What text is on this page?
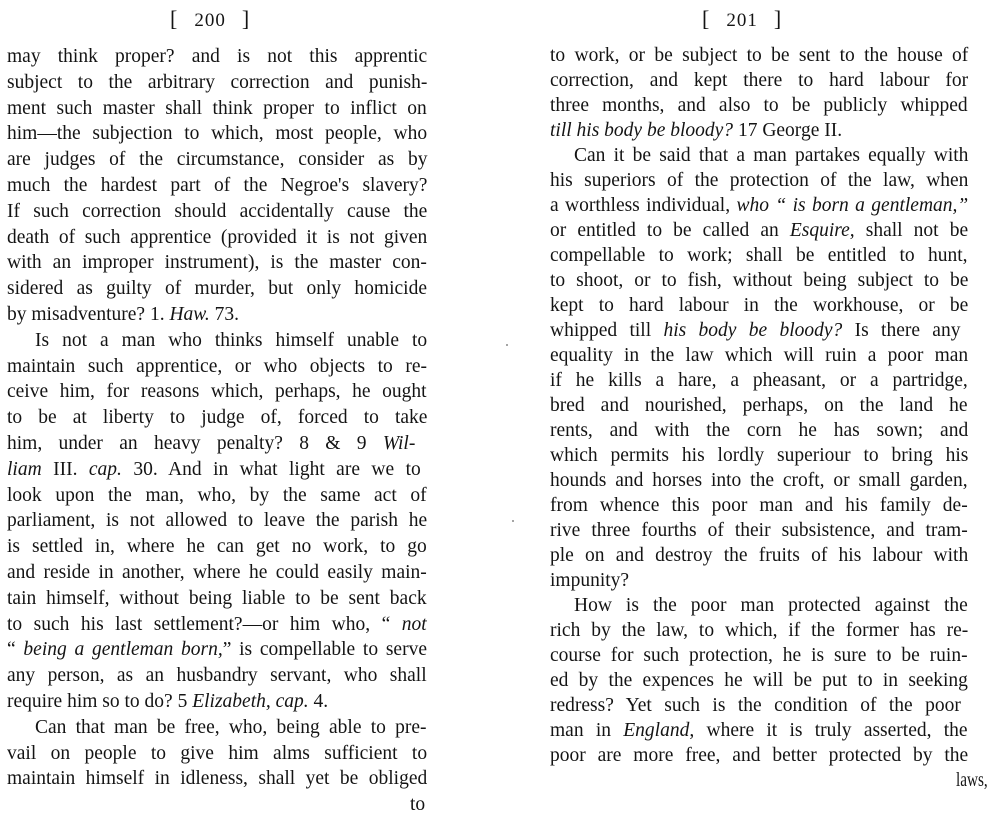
[ 200 ]
may think proper? and is not this apprentic
subject to the arbitrary correction and punish-
ment such master shall think proper to inflict on
him—the subjection to which, most people, who
are judges of the circumstance, consider as by
much the hardest part of the Negroe's slavery?
If such correction should accidentally cause the
death of such apprentice (provided it is not given
with an improper instrument), is the master con-
sidered as guilty of murder, but only homicide
by misadventure? 1. Haw. 73.
Is not a man who thinks himself unable to
maintain such apprentice, or who objects to re-
ceive him, for reasons which, perhaps, he ought
to be at liberty to judge of, forced to take
him, under an heavy penalty? 8 & 9 Wil-
liam III. cap. 30. And in what light are we to
look upon the man, who, by the same act of
parliament, is not allowed to leave the parish he
is settled in, where he can get no work, to go
and reside in another, where he could easily main-
tain himself, without being liable to be sent back
to such his last settlement?—or him who, “ not
“ being a gentleman born,” is compellable to serve
any person, as an husbandry servant, who shall
require him so to do? 5 Elizabeth, cap. 4.
Can that man be free, who, being able to pre-
vail on people to give him alms sufficient to
maintain himself in idleness, shall yet be obliged
to
[ 201 ]
to work, or be subject to be sent to the house of
correction, and kept there to hard labour for
three months, and also to be publicly whipped
till his body be bloody? 17 George II.
Can it be said that a man partakes equally with
his superiors of the protection of the law, when
a worthless individual, who “ is born a gentleman,”
or entitled to be called an Esquire, shall not be
compellable to work; shall be entitled to hunt,
to shoot, or to fish, without being subject to be
kept to hard labour in the workhouse, or be
whipped till his body be bloody? Is there any
equality in the law which will ruin a poor man
if he kills a hare, a pheasant, or a partridge,
bred and nourished, perhaps, on the land he
rents, and with the corn he has sown; and
which permits his lordly superiour to bring his
hounds and horses into the croft, or small garden,
from whence this poor man and his family de-
rive three fourths of their subsistence, and tram-
ple on and destroy the fruits of his labour with
impunity?
How is the poor man protected against the
rich by the law, to which, if the former has re-
course for such protection, he is sure to be ruin-
ed by the expences he will be put to in seeking
redress? Yet such is the condition of the poor
man in England, where it is truly asserted, the
poor are more free, and better protected by the
laws,
